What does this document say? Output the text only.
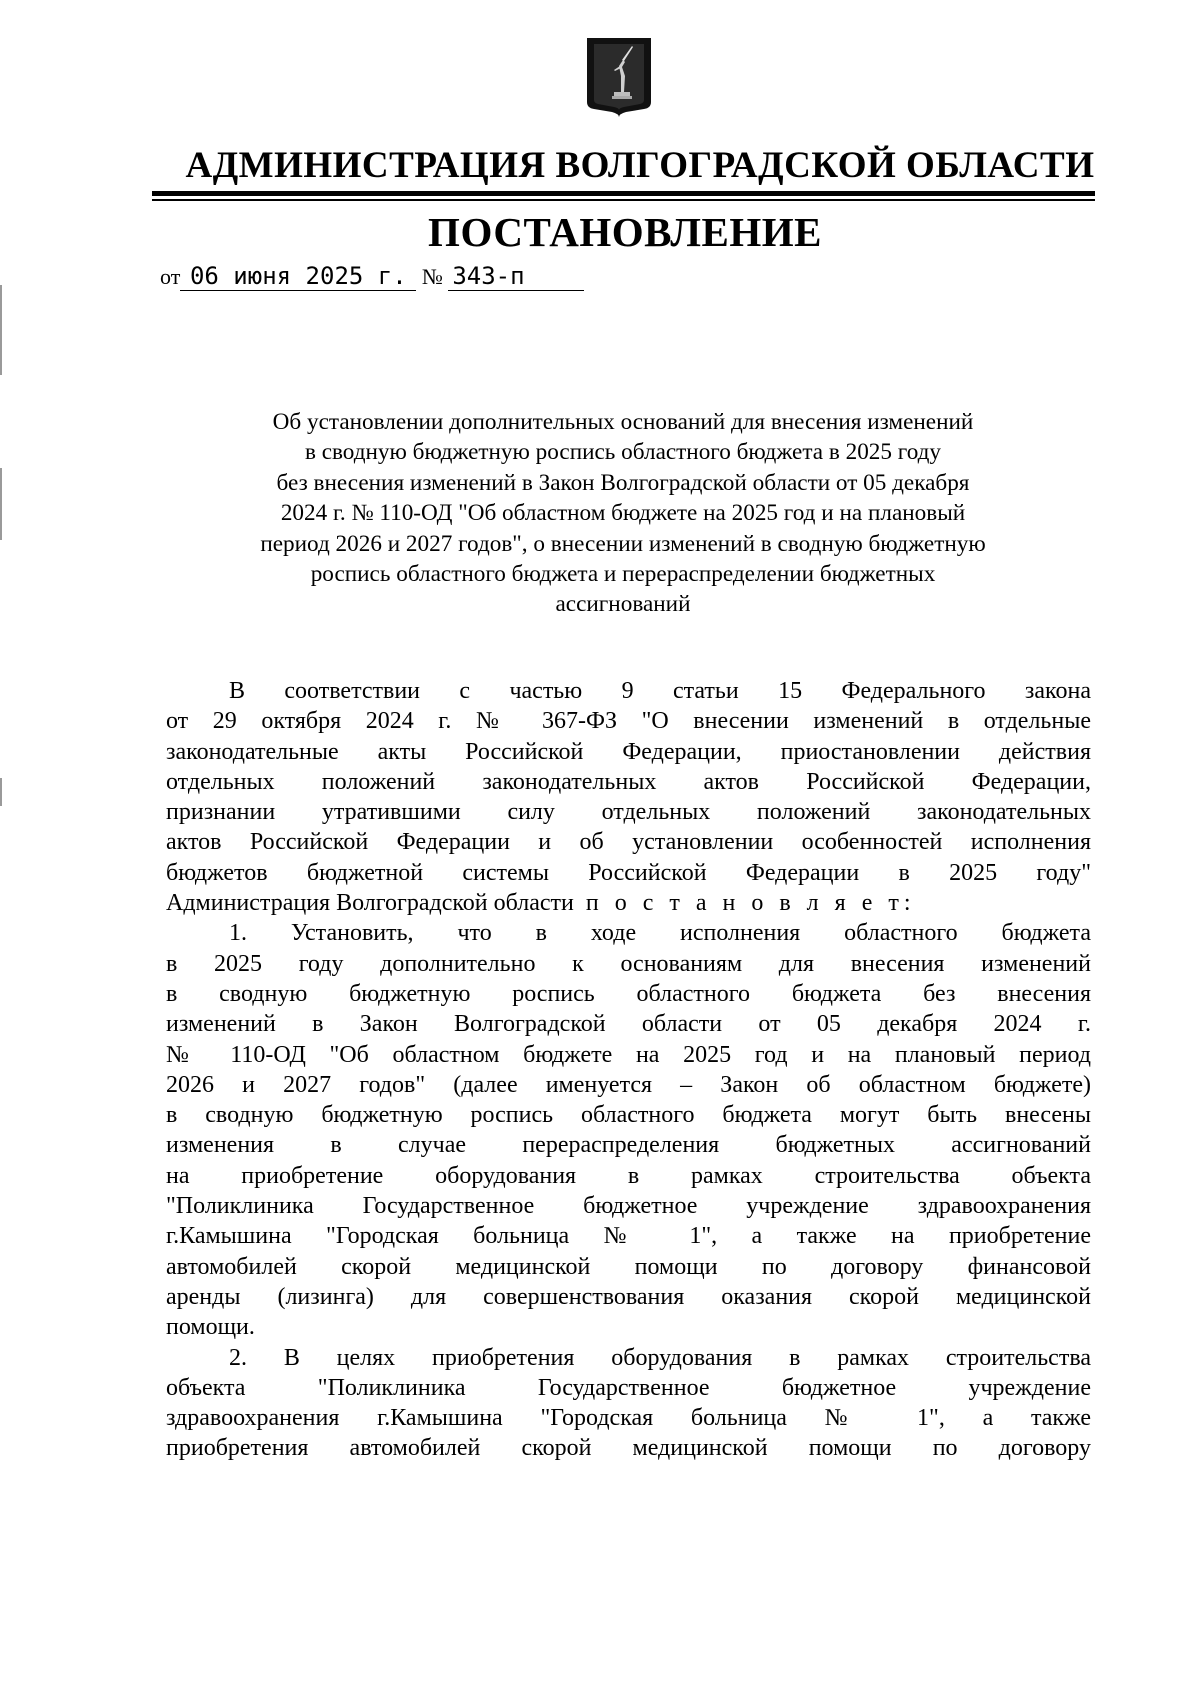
АДМИНИСТРАЦИЯ ВОЛГОГРАДСКОЙ ОБЛАСТИ
ПОСТАНОВЛЕНИЕ
от 06 июня 2025 г. № 343-п
Об установлении дополнительных оснований для внесения изменений
в сводную бюджетную роспись областного бюджета в 2025 году
без внесения изменений в Закон Волгоградской области от 05 декабря
2024 г. № 110-ОД "Об областном бюджете на 2025 год и на плановый
период 2026 и 2027 годов", о внесении изменений в сводную бюджетную
роспись областного бюджета и перераспределении бюджетных
ассигнований
В соответствии с частью 9 статьи 15 Федерального закона
от 29 октября 2024 г. № 367-ФЗ "О внесении изменений в отдельные
законодательные акты Российской Федерации, приостановлении действия
отдельных положений законодательных актов Российской Федерации,
признании утратившими силу отдельных положений законодательных
актов Российской Федерации и об установлении особенностей исполнения
бюджетов бюджетной системы Российской Федерации в 2025 году"
Администрация Волгоградской области п о с т а н о в л я е т:
1. Установить, что в ходе исполнения областного бюджета
в 2025 году дополнительно к основаниям для внесения изменений
в сводную бюджетную роспись областного бюджета без внесения
изменений в Закон Волгоградской области от 05 декабря 2024 г.
№ 110-ОД "Об областном бюджете на 2025 год и на плановый период
2026 и 2027 годов" (далее именуется – Закон об областном бюджете)
в сводную бюджетную роспись областного бюджета могут быть внесены
изменения в случае перераспределения бюджетных ассигнований
на приобретение оборудования в рамках строительства объекта
"Поликлиника Государственное бюджетное учреждение здравоохранения
г.Камышина "Городская больница № 1", а также на приобретение
автомобилей скорой медицинской помощи по договору финансовой
аренды (лизинга) для совершенствования оказания скорой медицинской
помощи.
2. В целях приобретения оборудования в рамках строительства
объекта "Поликлиника Государственное бюджетное учреждение
здравоохранения г.Камышина "Городская больница № 1", а также
приобретения автомобилей скорой медицинской помощи по договору
